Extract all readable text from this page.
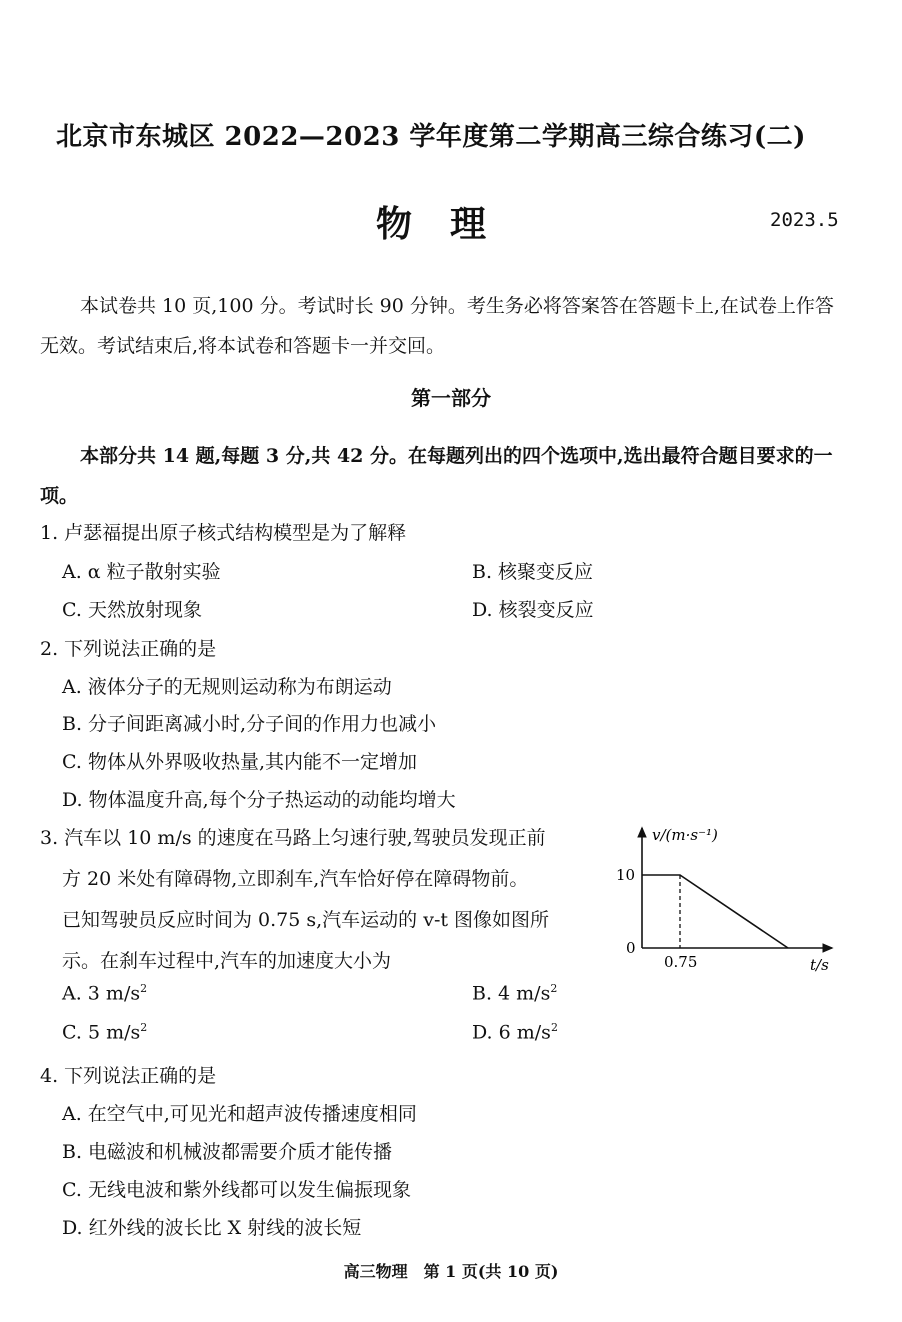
北京市东城区 2022—2023 学年度第二学期高三综合练习(二)
物理	2023.5
本试卷共 10 页,100 分。考试时长 90 分钟。考生务必将答案答在答题卡上,在试卷上作答无效。考试结束后,将本试卷和答题卡一并交回。
第一部分
本部分共 14 题,每题 3 分,共 42 分。在每题列出的四个选项中,选出最符合题目要求的一项。
1. 卢瑟福提出原子核式结构模型是为了解释
A. α 粒子散射实验	B. 核聚变反应
C. 天然放射现象	D. 核裂变反应
2. 下列说法正确的是
A. 液体分子的无规则运动称为布朗运动
B. 分子间距离减小时,分子间的作用力也减小
C. 物体从外界吸收热量,其内能不一定增加
D. 物体温度升高,每个分子热运动的动能均增大
3. 汽车以 10 m/s 的速度在马路上匀速行驶,驾驶员发现正前
方 20 米处有障碍物,立即刹车,汽车恰好停在障碍物前。
已知驾驶员反应时间为 0.75 s,汽车运动的 v-t 图像如图所
示。在刹车过程中,汽车的加速度大小为
A. 3 $m/s^2$	B. 4 $m/s^2$
C. 5 $m/s^2$	D. 6 $m/s^2$
v/(m·s⁻¹)
10
0
0.75	t/s
4. 下列说法正确的是
A. 在空气中,可见光和超声波传播速度相同
B. 电磁波和机械波都需要介质才能传播
C. 无线电波和紫外线都可以发生偏振现象
D. 红外线的波长比 X 射线的波长短
高三物理　第 1 页(共 10 页)
